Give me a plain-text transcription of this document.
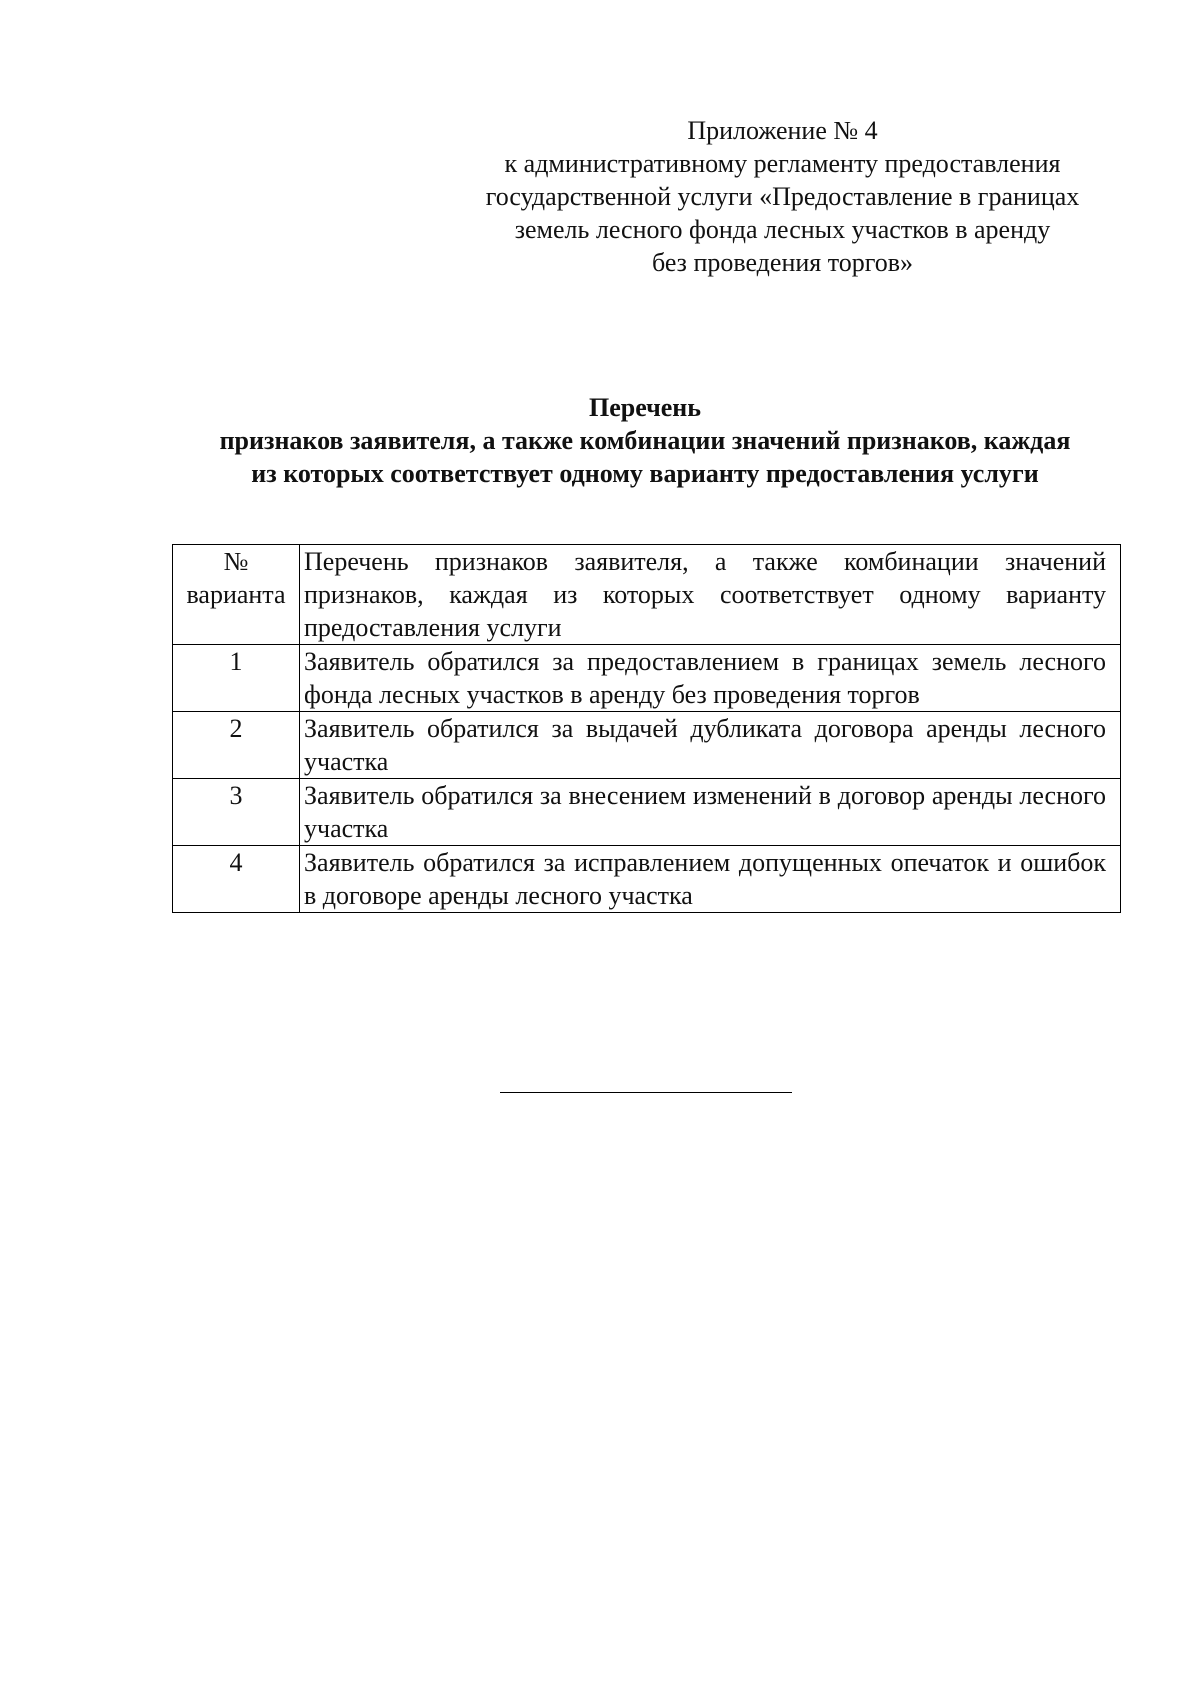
Приложение № 4
к административному регламенту предоставления
государственной услуги «Предоставление в границах
земель лесного фонда лесных участков в аренду
без проведения торгов»
Перечень
признаков заявителя, а также комбинации значений признаков, каждая
из которых соответствует одному варианту предоставления услуги
№
варианта	Перечень признаков заявителя, а также комбинации значений признаков, каждая из которых соответствует одному варианту предоставления услуги
1	Заявитель обратился за предоставлением в границах земель лесного фонда лесных участков в аренду без проведения торгов
2	Заявитель обратился за выдачей дубликата договора аренды лесного участка
3	Заявитель обратился за внесением изменений в договор аренды лесного участка
4	Заявитель обратился за исправлением допущенных опечаток и ошибок в договоре аренды лесного участка
